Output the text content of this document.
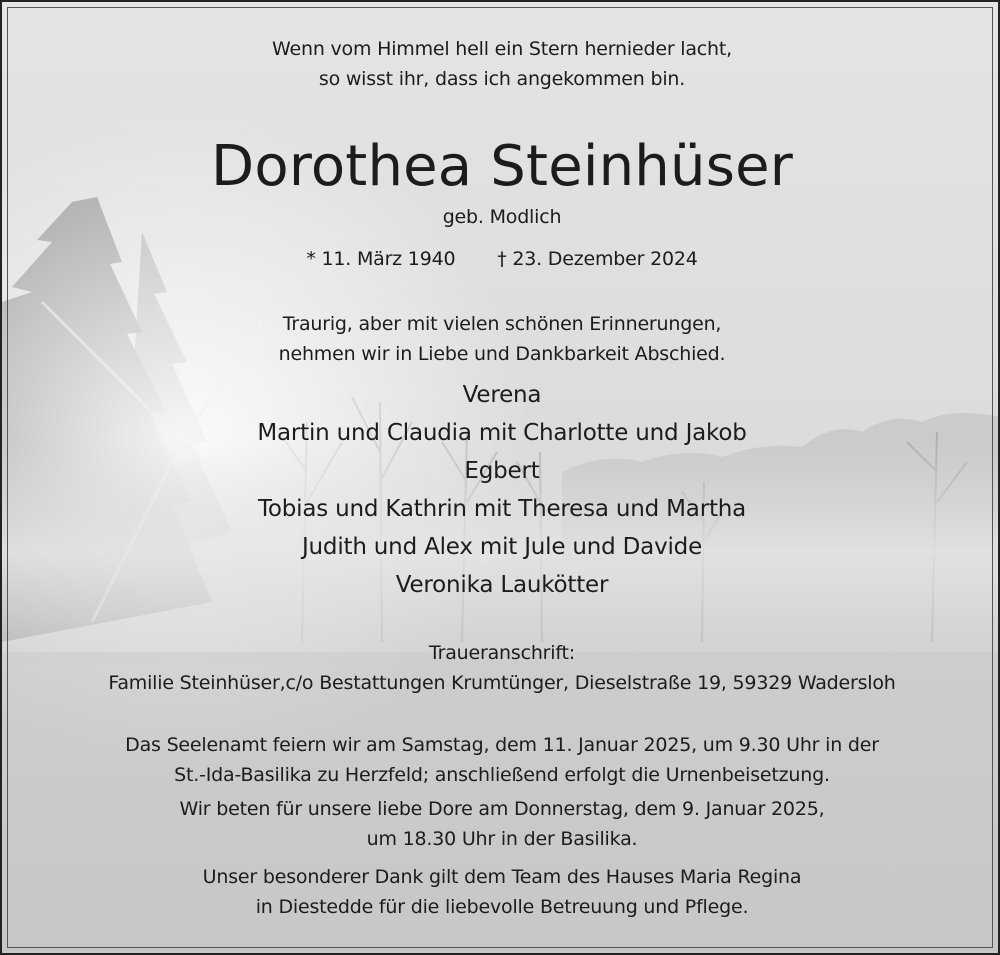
Wenn vom Himmel hell ein Stern hernieder lacht,
so wisst ihr, dass ich angekommen bin.
Dorothea Steinhüser
geb. Modlich
* 11. März 1940 † 23. Dezember 2024
Traurig, aber mit vielen schönen Erinnerungen,
nehmen wir in Liebe und Dankbarkeit Abschied.
Verena
Martin und Claudia mit Charlotte und Jakob
Egbert
Tobias und Kathrin mit Theresa und Martha
Judith und Alex mit Jule und Davide
Veronika Laukötter
Traueranschrift:
Familie Steinhüser,c/o Bestattungen Krumtünger, Dieselstraße 19, 59329 Wadersloh
Das Seelenamt feiern wir am Samstag, dem 11. Januar 2025, um 9.30 Uhr in der
St.-Ida-Basilika zu Herzfeld; anschließend erfolgt die Urnenbeisetzung.
Wir beten für unsere liebe Dore am Donnerstag, dem 9. Januar 2025,
um 18.30 Uhr in der Basilika.
Unser besonderer Dank gilt dem Team des Hauses Maria Regina
in Diestedde für die liebevolle Betreuung und Pflege.
